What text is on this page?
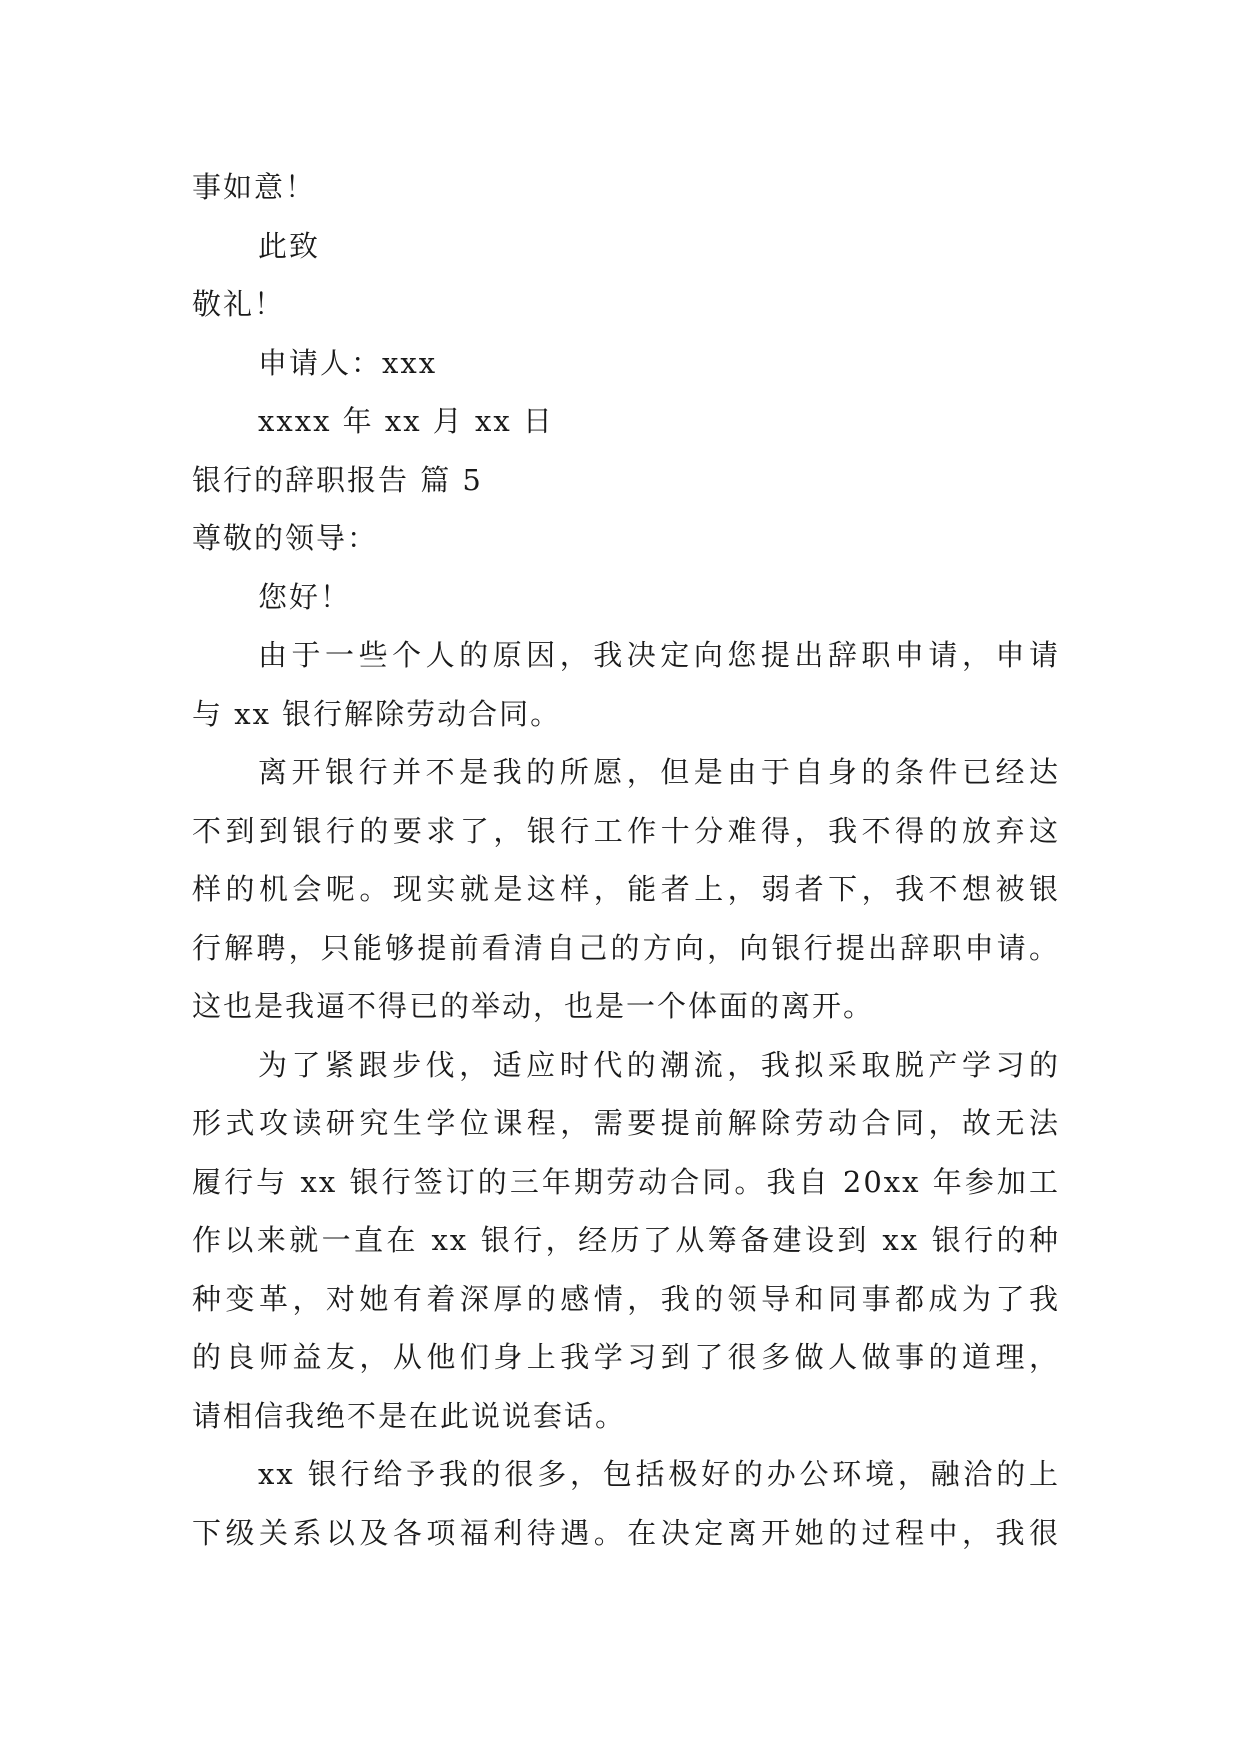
事如意！
此致
敬礼！
申请人：xxx
xxxx 年 xx 月 xx 日
银行的辞职报告 篇 5
尊敬的领导：
您好！
由于一些个人的原因，我决定向您提出辞职申请，申请
与 xx 银行解除劳动合同。
离开银行并不是我的所愿，但是由于自身的条件已经达
不到到银行的要求了，银行工作十分难得，我不得的放弃这
样的机会呢。现实就是这样，能者上，弱者下，我不想被银
行解聘，只能够提前看清自己的方向，向银行提出辞职申请。
这也是我逼不得已的举动，也是一个体面的离开。
为了紧跟步伐，适应时代的潮流，我拟采取脱产学习的
形式攻读研究生学位课程，需要提前解除劳动合同，故无法
履行与 xx 银行签订的三年期劳动合同。我自 20xx 年参加工
作以来就一直在 xx 银行，经历了从筹备建设到 xx 银行的种
种变革，对她有着深厚的感情，我的领导和同事都成为了我
的良师益友，从他们身上我学习到了很多做人做事的道理，
请相信我绝不是在此说说套话。
xx 银行给予我的很多，包括极好的办公环境，融洽的上
下级关系以及各项福利待遇。在决定离开她的过程中，我很
